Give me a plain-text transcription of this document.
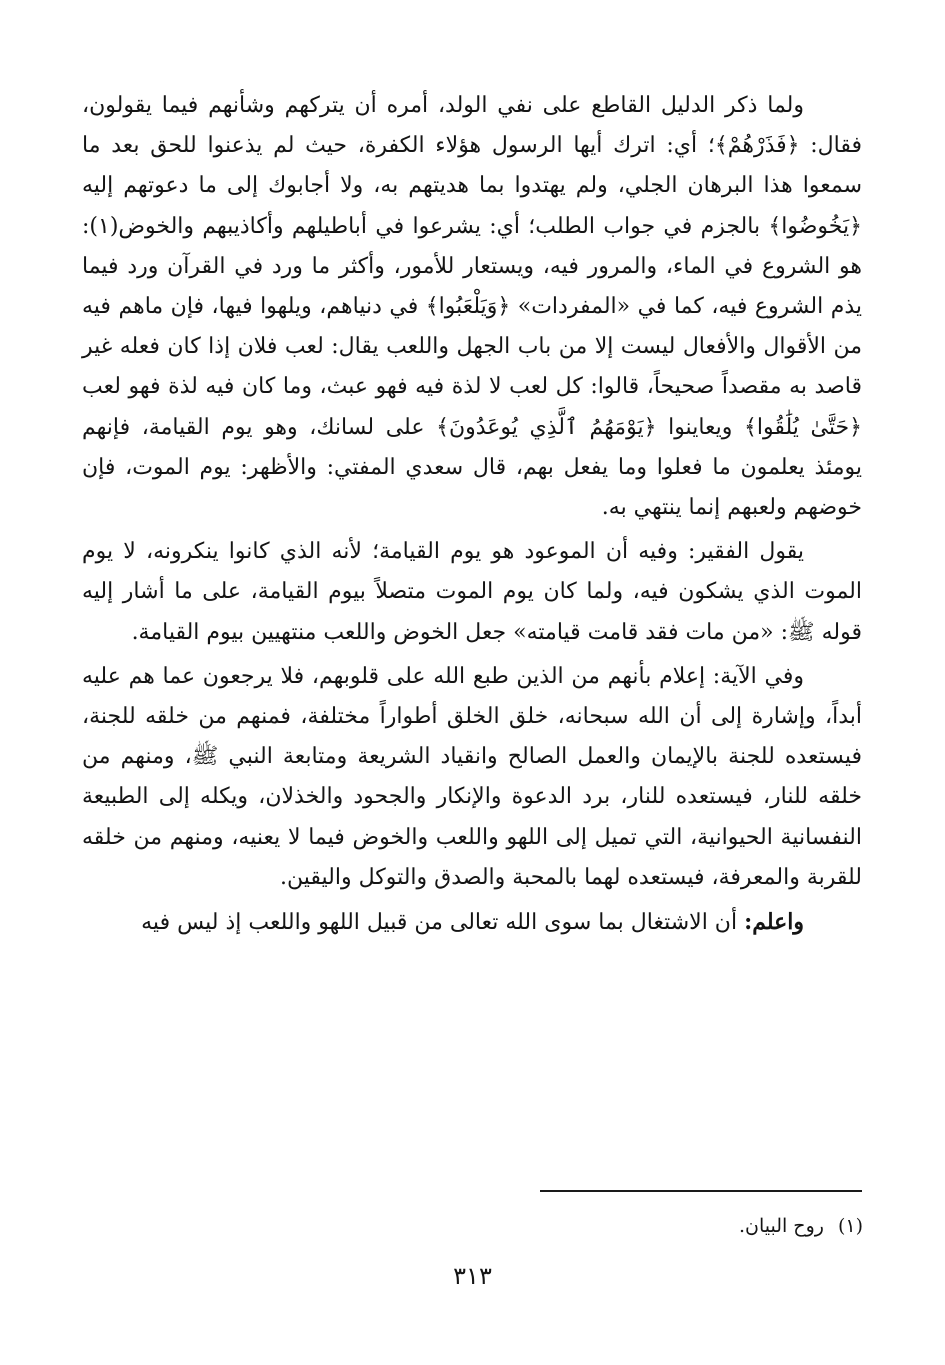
ولما ذكر الدليل القاطع على نفي الولد، أمره أن يتركهم وشأنهم فيما يقولون، فقال: ﴿فَذَرْهُمْ﴾؛ أي: اترك أيها الرسول هؤلاء الكفرة، حيث لم يذعنوا للحق بعد ما سمعوا هذا البرهان الجلي، ولم يهتدوا بما هديتهم به، ولا أجابوك إلى ما دعوتهم إليه ﴿يَخُوضُوا﴾ بالجزم في جواب الطلب؛ أي: يشرعوا في أباطيلهم وأكاذيبهم والخوض(١): هو الشروع في الماء، والمرور فيه، ويستعار للأمور، وأكثر ما ورد في القرآن ورد فيما يذم الشروع فيه، كما في «المفردات» ﴿وَيَلْعَبُوا﴾ في دنياهم، ويلهوا فيها، فإن ماهم فيه من الأقوال والأفعال ليست إلا من باب الجهل واللعب يقال: لعب فلان إذا كان فعله غير قاصد به مقصداً صحيحاً، قالوا: كل لعب لا لذة فيه فهو عبث، وما كان فيه لذة فهو لعب ﴿حَتَّىٰ يُلَٰقُوا﴾ ويعاينوا ﴿يَوْمَهُمُ ٱلَّذِي يُوعَدُونَ﴾ على لسانك، وهو يوم القيامة، فإنهم يومئذ يعلمون ما فعلوا وما يفعل بهم، قال سعدي المفتي: والأظهر: يوم الموت، فإن خوضهم ولعبهم إنما ينتهي به.

يقول الفقير: وفيه أن الموعود هو يوم القيامة؛ لأنه الذي كانوا ينكرونه، لا يوم الموت الذي يشكون فيه، ولما كان يوم الموت متصلاً بيوم القيامة، على ما أشار إليه قوله ﷺ: «من مات فقد قامت قيامته» جعل الخوض واللعب منتهيين بيوم القيامة.

وفي الآية: إعلام بأنهم من الذين طبع الله على قلوبهم، فلا يرجعون عما هم عليه أبداً، وإشارة إلى أن الله سبحانه، خلق الخلق أطواراً مختلفة، فمنهم من خلقه للجنة، فيستعده للجنة بالإيمان والعمل الصالح وانقياد الشريعة ومتابعة النبي ﷺ، ومنهم من خلقه للنار، فيستعده للنار، برد الدعوة والإنكار والجحود والخذلان، ويكله إلى الطبيعة النفسانية الحيوانية، التي تميل إلى اللهو واللعب والخوض فيما لا يعنيه، ومنهم من خلقه للقربة والمعرفة، فيستعده لهما بالمحبة والصدق والتوكل واليقين.

واعلم: أن الاشتغال بما سوى الله تعالى من قبيل اللهو واللعب إذ ليس فيه

(١)روح البيان.
٣١٣
